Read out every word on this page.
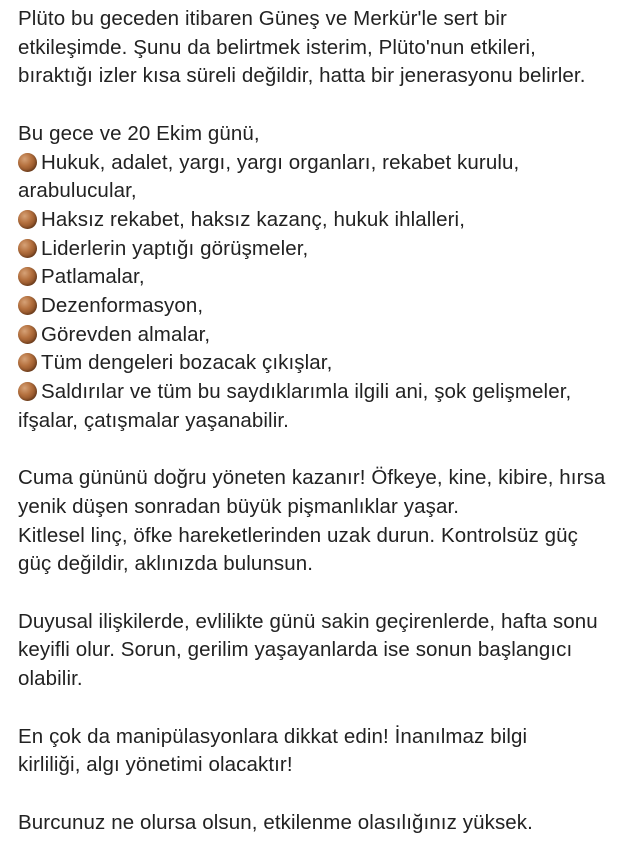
Plüto bu geceden itibaren Güneş ve Merkür'le sert bir
etkileşimde. Şunu da belirtmek isterim, Plüto'nun etkileri,
bıraktığı izler kısa süreli değildir, hatta bir jenerasyonu belirler.

Bu gece ve 20 Ekim günü,
Hukuk, adalet, yargı, yargı organları, rekabet kurulu,
arabulucular,
Haksız rekabet, haksız kazanç, hukuk ihlalleri,
Liderlerin yaptığı görüşmeler,
Patlamalar,
Dezenformasyon,
Görevden almalar,
Tüm dengeleri bozacak çıkışlar,
Saldırılar ve tüm bu saydıklarımla ilgili ani, şok gelişmeler,
ifşalar, çatışmalar yaşanabilir.

Cuma gününü doğru yöneten kazanır! Öfkeye, kine, kibire, hırsa
yenik düşen sonradan büyük pişmanlıklar yaşar.
Kitlesel linç, öfke hareketlerinden uzak durun. Kontrolsüz güç
güç değildir, aklınızda bulunsun.

Duyusal ilişkilerde, evlilikte günü sakin geçirenlerde, hafta sonu
keyifli olur. Sorun, gerilim yaşayanlarda ise sonun başlangıcı
olabilir.

En çok da manipülasyonlara dikkat edin! İnanılmaz bilgi
kirliliği, algı yönetimi olacaktır!

Burcunuz ne olursa olsun, etkilenme olasılığınız yüksek.
